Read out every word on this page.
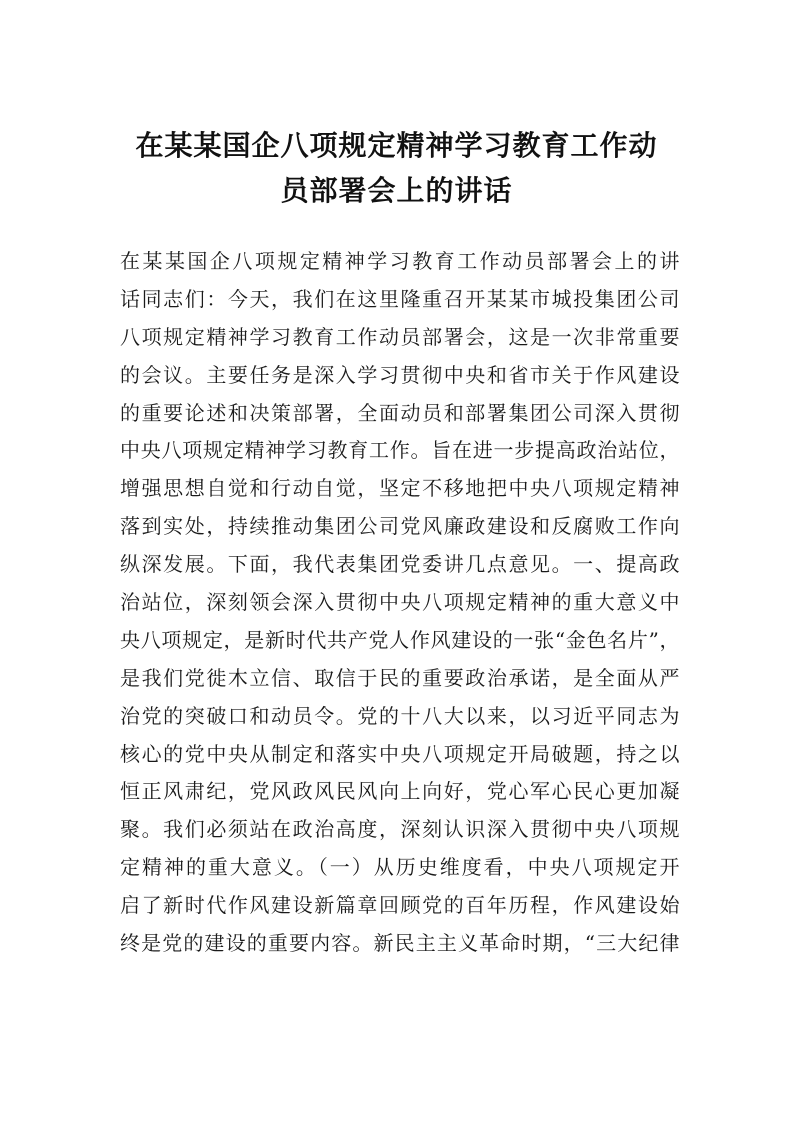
在某某国企八项规定精神学习教育工作动
员部署会上的讲话
在某某国企八项规定精神学习教育工作动员部署会上的讲
话同志们：今天，我们在这里隆重召开某某市城投集团公司
八项规定精神学习教育工作动员部署会，这是一次非常重要
的会议。主要任务是深入学习贯彻中央和省市关于作风建设
的重要论述和决策部署，全面动员和部署集团公司深入贯彻
中央八项规定精神学习教育工作。旨在进一步提高政治站位，
增强思想自觉和行动自觉，坚定不移地把中央八项规定精神
落到实处，持续推动集团公司党风廉政建设和反腐败工作向
纵深发展。下面，我代表集团党委讲几点意见。一、提高政
治站位，深刻领会深入贯彻中央八项规定精神的重大意义中
央八项规定，是新时代共产党人作风建设的一张“金色名片”，
是我们党徙木立信、取信于民的重要政治承诺，是全面从严
治党的突破口和动员令。党的十八大以来，以习近平同志为
核心的党中央从制定和落实中央八项规定开局破题，持之以
恒正风肃纪，党风政风民风向上向好，党心军心民心更加凝
聚。我们必须站在政治高度，深刻认识深入贯彻中央八项规
定精神的重大意义。（一）从历史维度看，中央八项规定开
启了新时代作风建设新篇章回顾党的百年历程，作风建设始
终是党的建设的重要内容。新民主主义革命时期，“三大纪律
